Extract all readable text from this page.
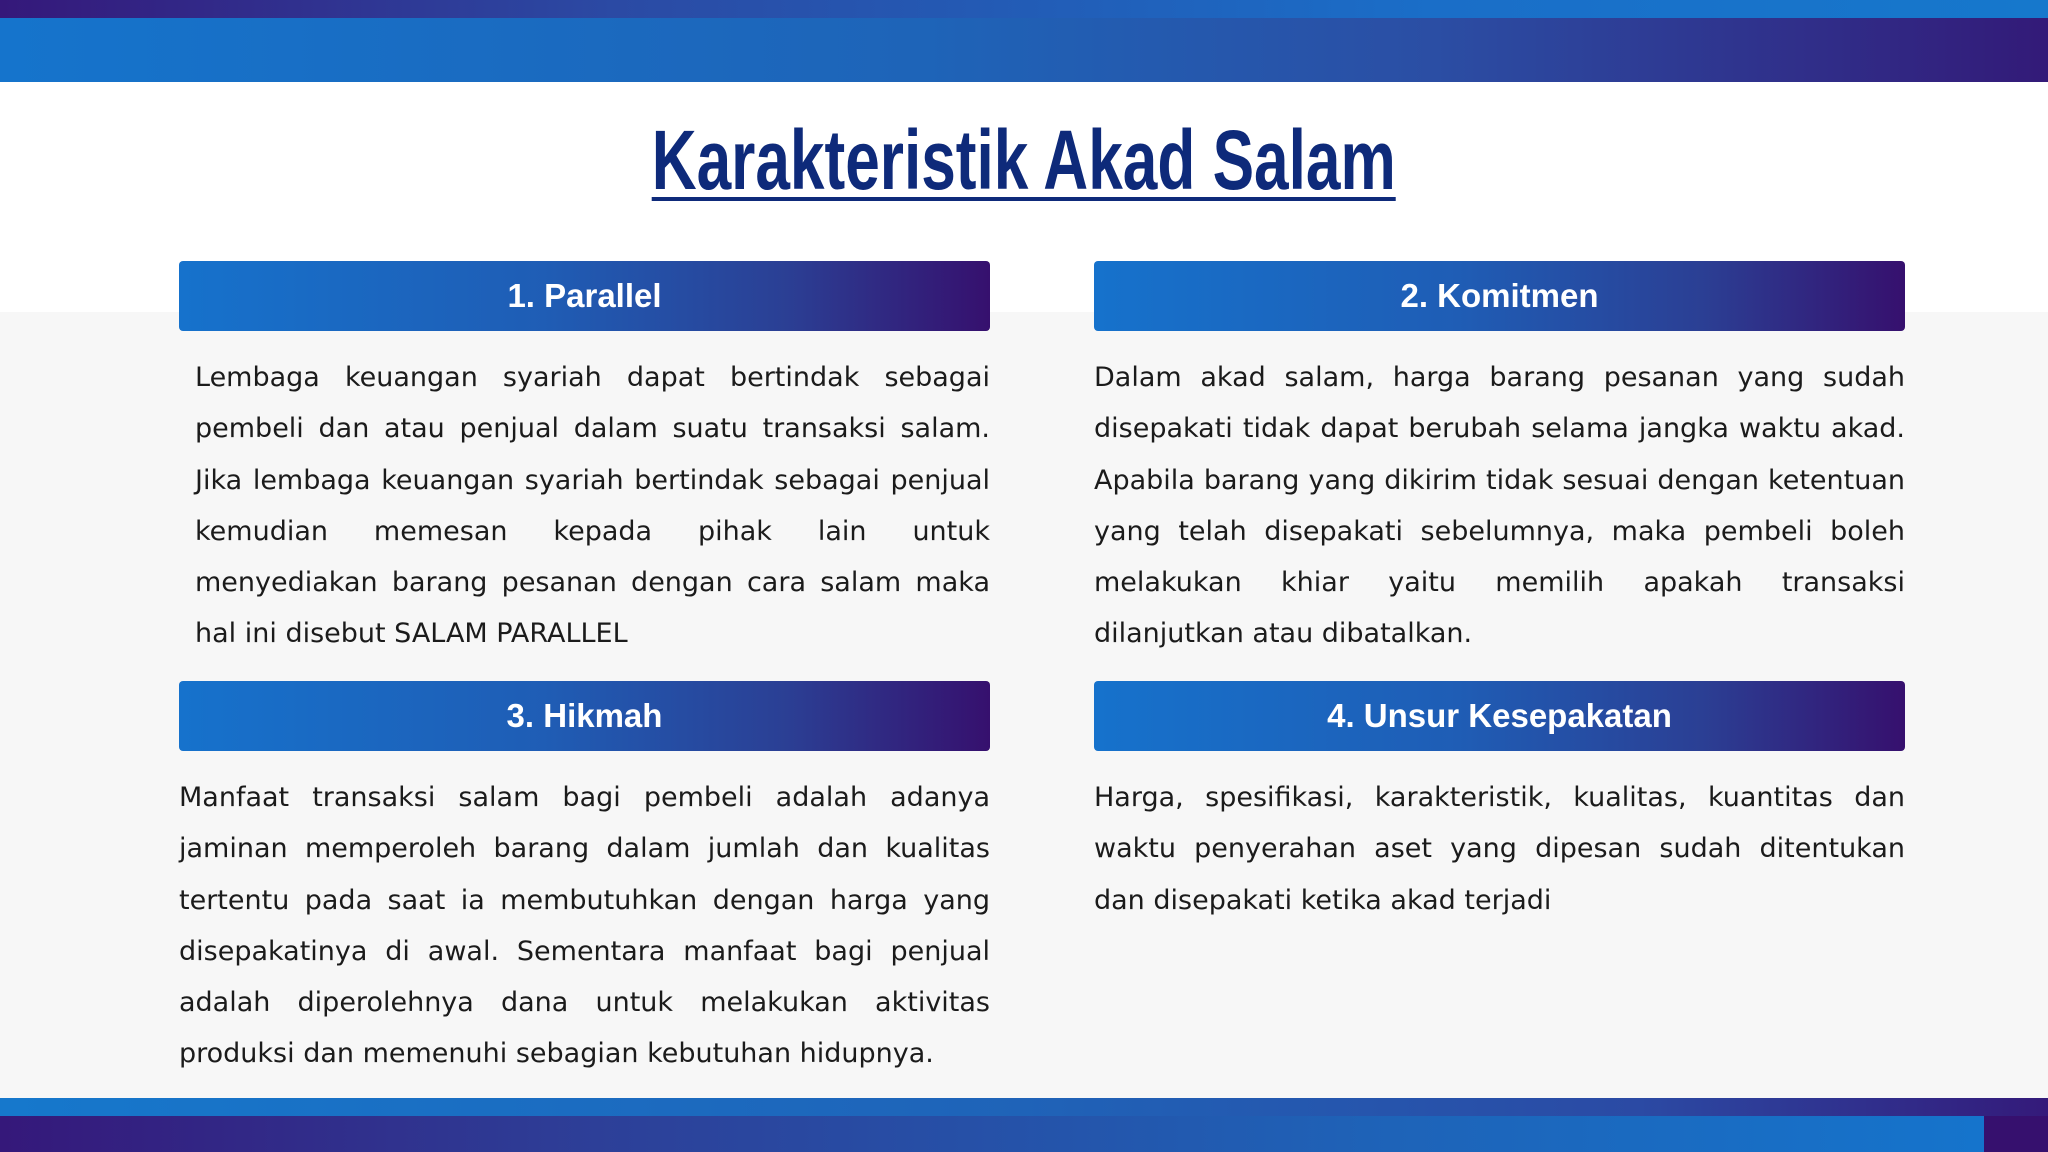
Karakteristik Akad Salam
1. Parallel

Lembaga keuangan syariah dapat bertindak sebagai pembeli dan atau penjual dalam suatu transaksi salam. Jika lembaga keuangan syariah bertindak sebagai penjual kemudian memesan kepada pihak lain untuk menyediakan barang pesanan dengan cara salam maka hal ini disebut SALAM PARALLEL

2. Komitmen

Dalam akad salam, harga barang pesanan yang sudah disepakati tidak dapat berubah selama jangka waktu akad. Apabila barang yang dikirim tidak sesuai dengan ketentuan yang telah disepakati sebelumnya, maka pembeli boleh melakukan khiar yaitu memilih apakah transaksi dilanjutkan atau dibatalkan.

3. Hikmah

Manfaat transaksi salam bagi pembeli adalah adanya jaminan memperoleh barang dalam jumlah dan kualitas tertentu pada saat ia membutuhkan dengan harga yang disepakatinya di awal. Sementara manfaat bagi penjual adalah diperolehnya dana untuk melakukan aktivitas produksi dan memenuhi sebagian kebutuhan hidupnya.

4. Unsur Kesepakatan

Harga, spesifikasi, karakteristik, kualitas, kuantitas dan waktu penyerahan aset yang dipesan sudah ditentukan dan disepakati ketika akad terjadi
